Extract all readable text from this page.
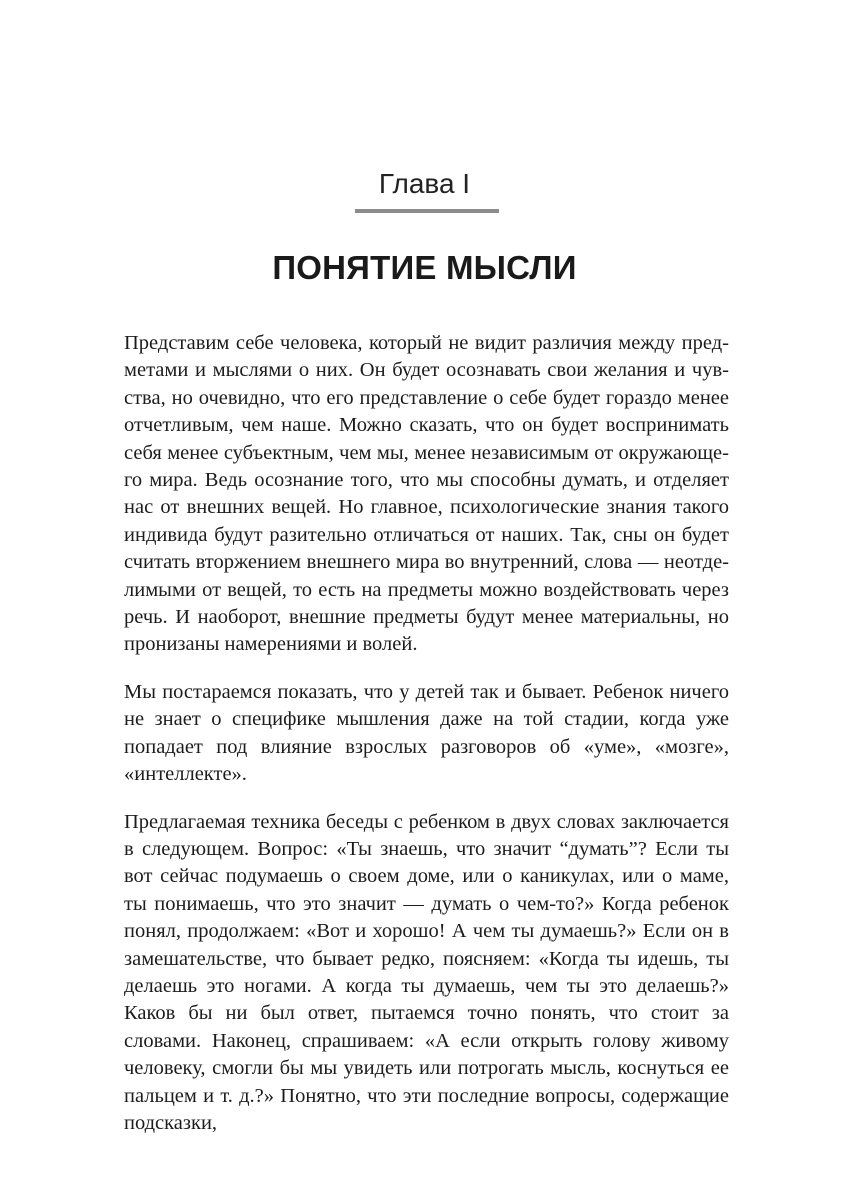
Глава I
ПОНЯТИЕ МЫСЛИ

Представим себе человека, который не видит различия между предметами и мыслями о них. Он будет осознавать свои желания и чувства, но очевидно, что его представление о себе будет гораздо менее отчетливым, чем наше. Можно сказать, что он будет воспринимать себя менее субъектным, чем мы, менее независимым от окружающего мира. Ведь осознание того, что мы способны думать, и отделяет нас от внешних вещей. Но главное, психологические знания такого индивида будут разительно отличаться от наших. Так, сны он будет считать вторжением внешнего мира во внутренний, слова — неотделимыми от вещей, то есть на предметы можно воздействовать через речь. И наоборот, внешние предметы будут менее материальны, но пронизаны намерениями и волей.

Мы постараемся показать, что у детей так и бывает. Ребенок ничего не знает о специфике мышления даже на той стадии, когда уже попадает под влияние взрослых разговоров об «уме», «мозге», «интеллекте».

Предлагаемая техника беседы с ребенком в двух словах заключается в следующем. Вопрос: «Ты знаешь, что значит “думать”? Если ты вот сейчас подумаешь о своем доме, или о каникулах, или о маме, ты понимаешь, что это значит — думать о чем-то?» Когда ребенок понял, продолжаем: «Вот и хорошо! А чем ты думаешь?» Если он в замешательстве, что бывает редко, поясняем: «Когда ты идешь, ты делаешь это ногами. А когда ты думаешь, чем ты это делаешь?» Каков бы ни был ответ, пытаемся точно понять, что стоит за словами. Наконец, спрашиваем: «А если открыть голову живому человеку, смогли бы мы увидеть или потрогать мысль, коснуться ее пальцем и т. д.?» Понятно, что эти последние вопросы, содержащие подсказки,
